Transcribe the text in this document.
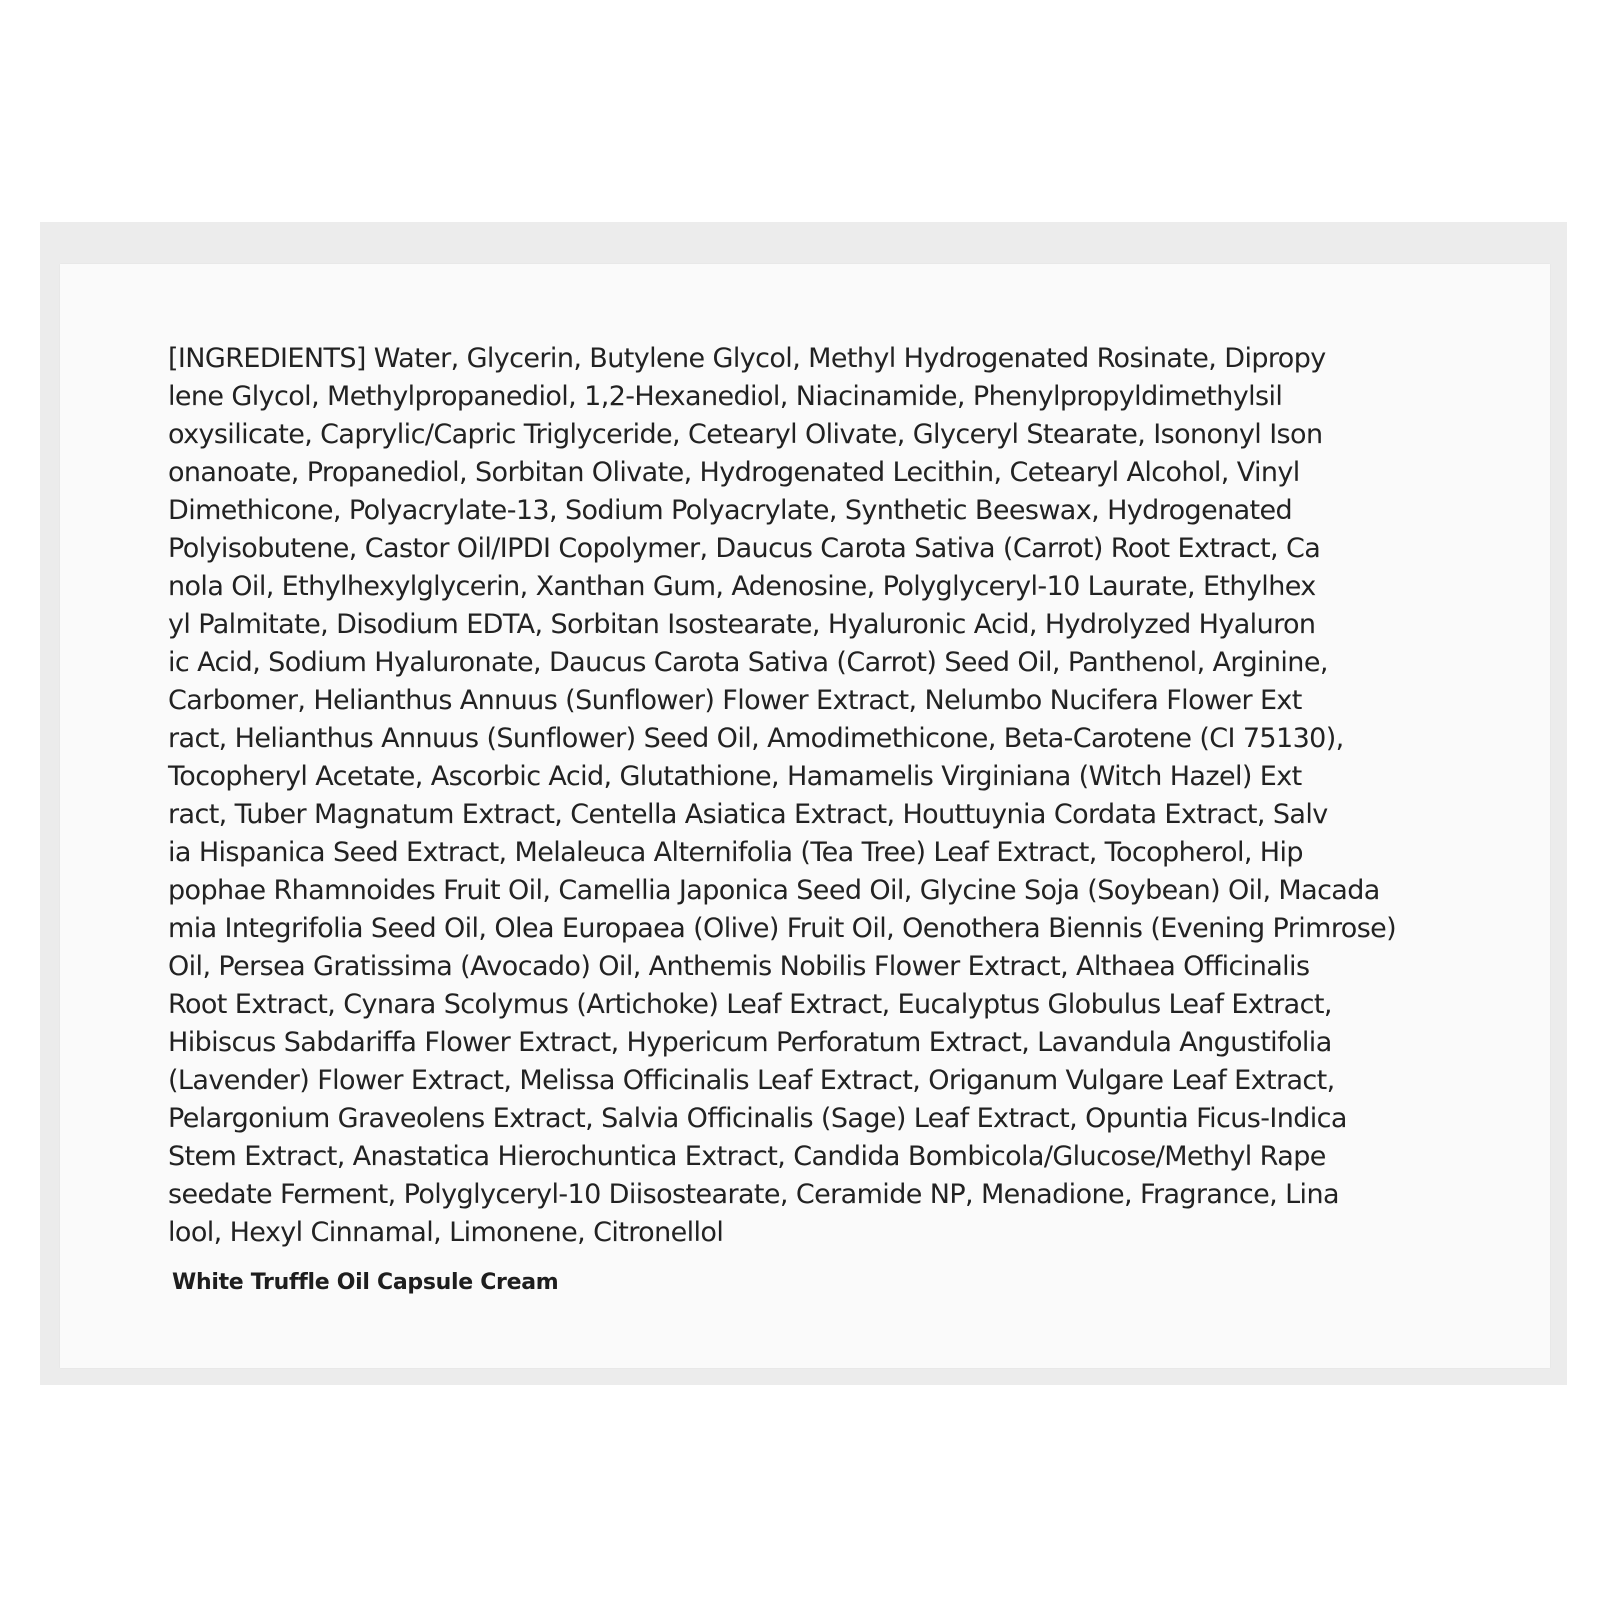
[INGREDIENTS] Water, Glycerin, Butylene Glycol, Methyl Hydrogenated Rosinate, Dipropy
lene Glycol, Methylpropanediol, 1,2-Hexanediol, Niacinamide, Phenylpropyldimethylsil
oxysilicate, Caprylic/Capric Triglyceride, Cetearyl Olivate, Glyceryl Stearate, Isononyl Ison
onanoate, Propanediol, Sorbitan Olivate, Hydrogenated Lecithin, Cetearyl Alcohol, Vinyl
Dimethicone, Polyacrylate-13, Sodium Polyacrylate, Synthetic Beeswax, Hydrogenated
Polyisobutene, Castor Oil/IPDI Copolymer, Daucus Carota Sativa (Carrot) Root Extract, Ca
nola Oil, Ethylhexylglycerin, Xanthan Gum, Adenosine, Polyglyceryl-10 Laurate, Ethylhex
yl Palmitate, Disodium EDTA, Sorbitan Isostearate, Hyaluronic Acid, Hydrolyzed Hyaluron
ic Acid, Sodium Hyaluronate, Daucus Carota Sativa (Carrot) Seed Oil, Panthenol, Arginine,
Carbomer, Helianthus Annuus (Sunflower) Flower Extract, Nelumbo Nucifera Flower Ext
ract, Helianthus Annuus (Sunflower) Seed Oil, Amodimethicone, Beta-Carotene (CI 75130),
Tocopheryl Acetate, Ascorbic Acid, Glutathione, Hamamelis Virginiana (Witch Hazel) Ext
ract, Tuber Magnatum Extract, Centella Asiatica Extract, Houttuynia Cordata Extract, Salv
ia Hispanica Seed Extract, Melaleuca Alternifolia (Tea Tree) Leaf Extract, Tocopherol, Hip
pophae Rhamnoides Fruit Oil, Camellia Japonica Seed Oil, Glycine Soja (Soybean) Oil, Macada
mia Integrifolia Seed Oil, Olea Europaea (Olive) Fruit Oil, Oenothera Biennis (Evening Primrose)
Oil, Persea Gratissima (Avocado) Oil, Anthemis Nobilis Flower Extract, Althaea Officinalis
Root Extract, Cynara Scolymus (Artichoke) Leaf Extract, Eucalyptus Globulus Leaf Extract,
Hibiscus Sabdariffa Flower Extract, Hypericum Perforatum Extract, Lavandula Angustifolia
(Lavender) Flower Extract, Melissa Officinalis Leaf Extract, Origanum Vulgare Leaf Extract,
Pelargonium Graveolens Extract, Salvia Officinalis (Sage) Leaf Extract, Opuntia Ficus-Indica
Stem Extract, Anastatica Hierochuntica Extract, Candida Bombicola/Glucose/Methyl Rape
seedate Ferment, Polyglyceryl-10 Diisostearate, Ceramide NP, Menadione, Fragrance, Lina
lool, Hexyl Cinnamal, Limonene, Citronellol
White Truffle Oil Capsule Cream
